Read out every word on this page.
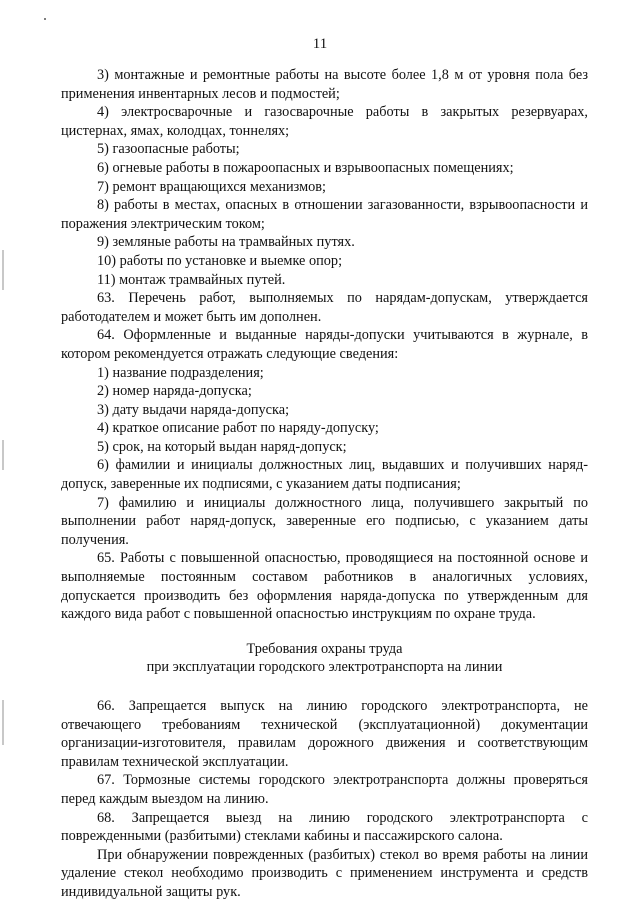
11

3) монтажные и ремонтные работы на высоте более 1,8 м от уровня пола без применения инвентарных лесов и подмостей;

4) электросварочные и газосварочные работы в закрытых резервуарах, цистернах, ямах, колодцах, тоннелях;

5) газоопасные работы;

6) огневые работы в пожароопасных и взрывоопасных помещениях;

7) ремонт вращающихся механизмов;

8) работы в местах, опасных в отношении загазованности, взрывоопасности и поражения электрическим током;

9) земляные работы на трамвайных путях.

10) работы по установке и выемке опор;

11) монтаж трамвайных путей.

63. Перечень работ, выполняемых по нарядам-допускам, утверждается работодателем и может быть им дополнен.

64. Оформленные и выданные наряды-допуски учитываются в журнале, в котором рекомендуется отражать следующие сведения:

1) название подразделения;

2) номер наряда-допуска;

3) дату выдачи наряда-допуска;

4) краткое описание работ по наряду-допуску;

5) срок, на который выдан наряд-допуск;

6) фамилии и инициалы должностных лиц, выдавших и получивших наряд-допуск, заверенные их подписями, с указанием даты подписания;

7) фамилию и инициалы должностного лица, получившего закрытый по выполнении работ наряд-допуск, заверенные его подписью, с указанием даты получения.

65. Работы с повышенной опасностью, проводящиеся на постоянной основе и выполняемые постоянным составом работников в аналогичных условиях, допускается производить без оформления наряда-допуска по утвержденным для каждого вида работ с повышенной опасностью инструкциям по охране труда.

Требования охраны труда

при эксплуатации городского электротранспорта на линии

66. Запрещается выпуск на линию городского электротранспорта, не отвечающего требованиям технической (эксплуатационной) документации организации-изготовителя, правилам дорожного движения и соответствующим правилам технической эксплуатации.

67. Тормозные системы городского электротранспорта должны проверяться перед каждым выездом на линию.

68. Запрещается выезд на линию городского электротранспорта с поврежденными (разбитыми) стеклами кабины и пассажирского салона.

При обнаружении поврежденных (разбитых) стекол во время работы на линии удаление стекол необходимо производить с применением инструмента и средств индивидуальной защиты рук.
